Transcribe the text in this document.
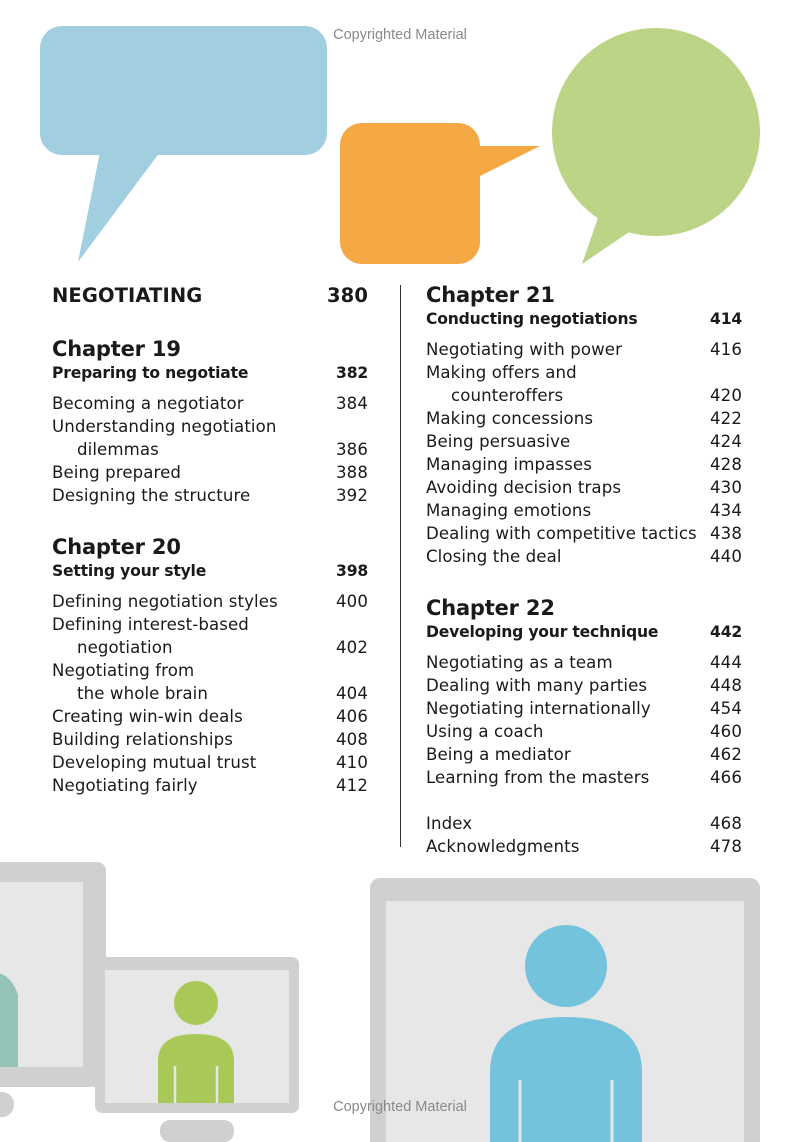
Copyrighted Material
Copyrighted Material
NEGOTIATING	380
Chapter 19
Preparing to negotiate	382
Becoming a negotiator	384
Understanding negotiation
dilemmas	386
Being prepared	388
Designing the structure	392
Chapter 20
Setting your style	398
Defining negotiation styles	400
Defining interest-based
negotiation	402
Negotiating from
the whole brain	404
Creating win-win deals	406
Building relationships	408
Developing mutual trust	410
Negotiating fairly	412
Chapter 21
Conducting negotiations	414
Negotiating with power	416
Making offers and
counteroffers	420
Making concessions	422
Being persuasive	424
Managing impasses	428
Avoiding decision traps	430
Managing emotions	434
Dealing with competitive tactics 438
Closing the deal	440
Chapter 22
Developing your technique	442
Negotiating as a team	444
Dealing with many parties	448
Negotiating internationally	454
Using a coach	460
Being a mediator	462
Learning from the masters	466
Index	468
Acknowledgments	478
